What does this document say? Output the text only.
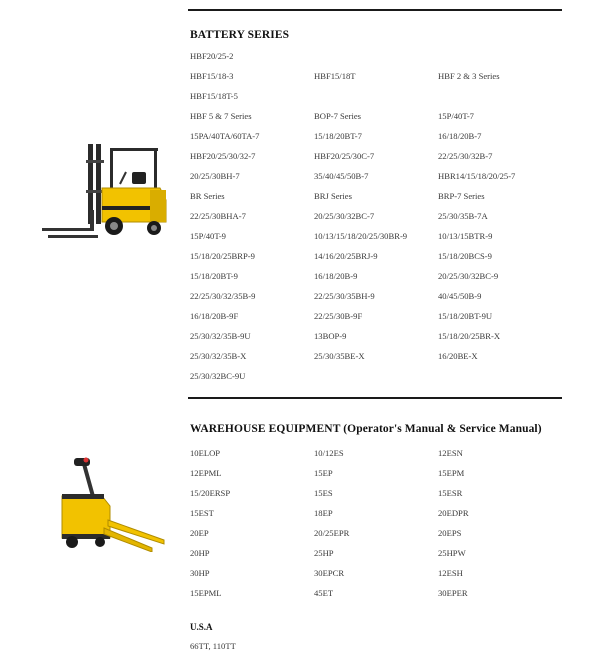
BATTERY SERIES
HBF20/25-2
HBF15/18-3	HBF15/18T	HBF 2 & 3 Series
HBF15/18T-5
HBF 5 & 7 Series	BOP-7 Series	15P/40T-7
15PA/40TA/60TA-7	15/18/20BT-7	16/18/20B-7
HBF20/25/30/32-7	HBF20/25/30C-7	22/25/30/32B-7
20/25/30BH-7	35/40/45/50B-7	HBR14/15/18/20/25-7
BR Series	BRJ Series	BRP-7 Series
22/25/30BHA-7	20/25/30/32BC-7	25/30/35B-7A
15P/40T-9	10/13/15/18/20/25/30BR-9	10/13/15BTR-9
15/18/20/25BRP-9	14/16/20/25BRJ-9	15/18/20BCS-9
15/18/20BT-9	16/18/20B-9	20/25/30/32BC-9
22/25/30/32/35B-9	22/25/30/35BH-9	40/45/50B-9
16/18/20B-9F	22/25/30B-9F	15/18/20BT-9U
25/30/32/35B-9U	13BOP-9	15/18/20/25BR-X
25/30/32/35B-X	25/30/35BE-X	16/20BE-X
25/30/32BC-9U
WAREHOUSE EQUIPMENT (Operator's Manual & Service Manual)
10ELOP	10/12ES	12ESN
12EPML	15EP	15EPM
15/20ERSP	15ES	15ESR
15EST	18EP	20EDPR
20EP	20/25EPR	20EPS
20HP	25HP	25HPW
30HP	30EPCR	12ESH
15EPML	45ET	30EPER
U.S.A
66TT, 110TT
